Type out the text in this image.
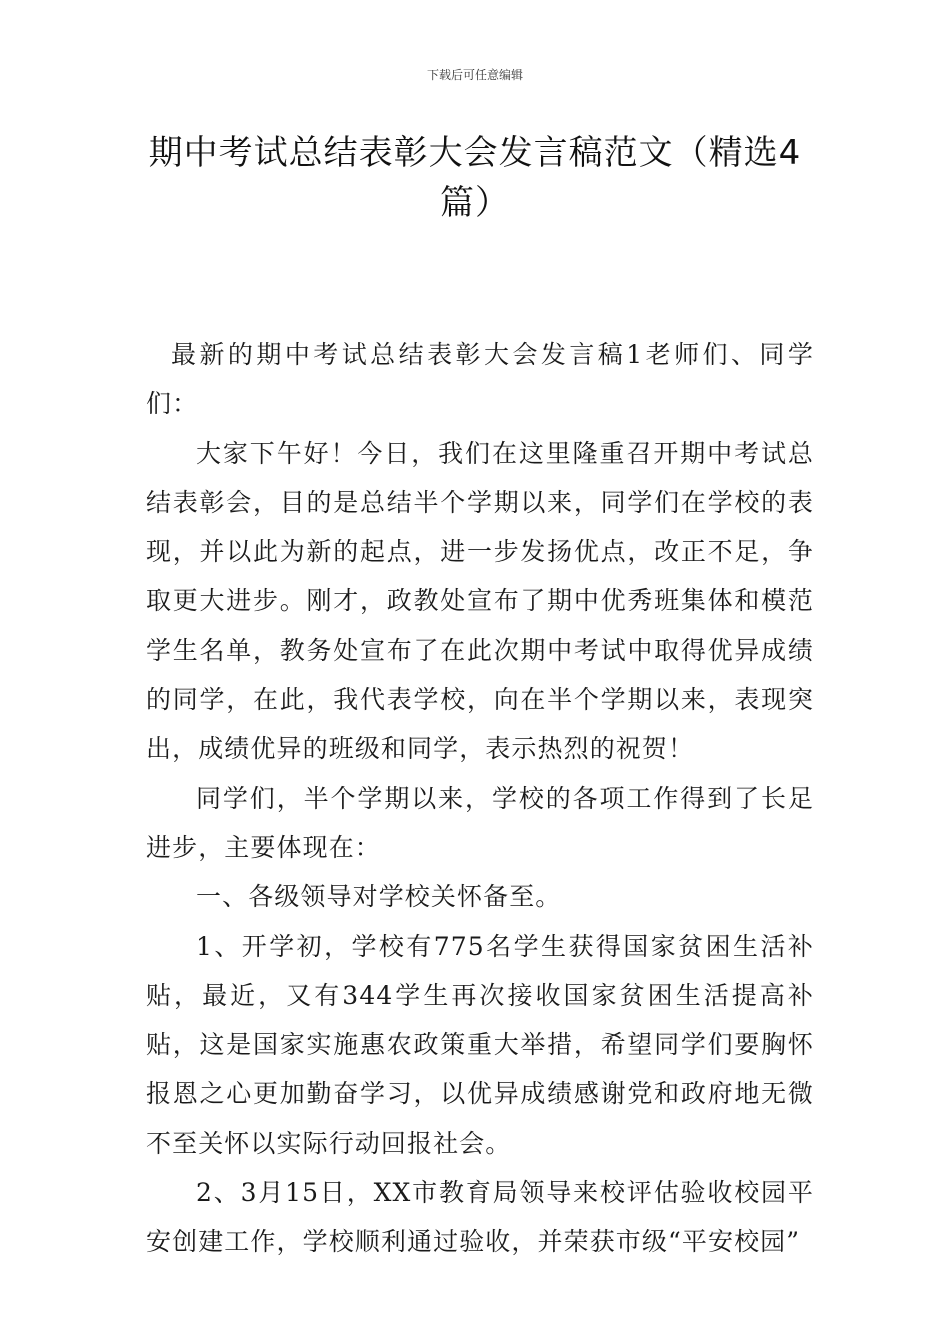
下载后可任意编辑
期中考试总结表彰大会发言稿范文（精选4篇）

最新的期中考试总结表彰大会发言稿1老师们、同学们：

大家下午好！今日，我们在这里隆重召开期中考试总结表彰会，目的是总结半个学期以来，同学们在学校的表现，并以此为新的起点，进一步发扬优点，改正不足，争取更大进步。刚才，政教处宣布了期中优秀班集体和模范学生名单，教务处宣布了在此次期中考试中取得优异成绩的同学，在此，我代表学校，向在半个学期以来，表现突出，成绩优异的班级和同学，表示热烈的祝贺！

同学们，半个学期以来，学校的各项工作得到了长足进步，主要体现在：

一、各级领导对学校关怀备至。

1、开学初，学校有775名学生获得国家贫困生活补贴，最近，又有344学生再次接收国家贫困生活提高补贴，这是国家实施惠农政策重大举措，希望同学们要胸怀报恩之心更加勤奋学习，以优异成绩感谢党和政府地无微不至关怀以实际行动回报社会。

2、3月15日，XX市教育局领导来校评估验收校园平安创建工作，学校顺利通过验收，并荣获市级“平安校园”
